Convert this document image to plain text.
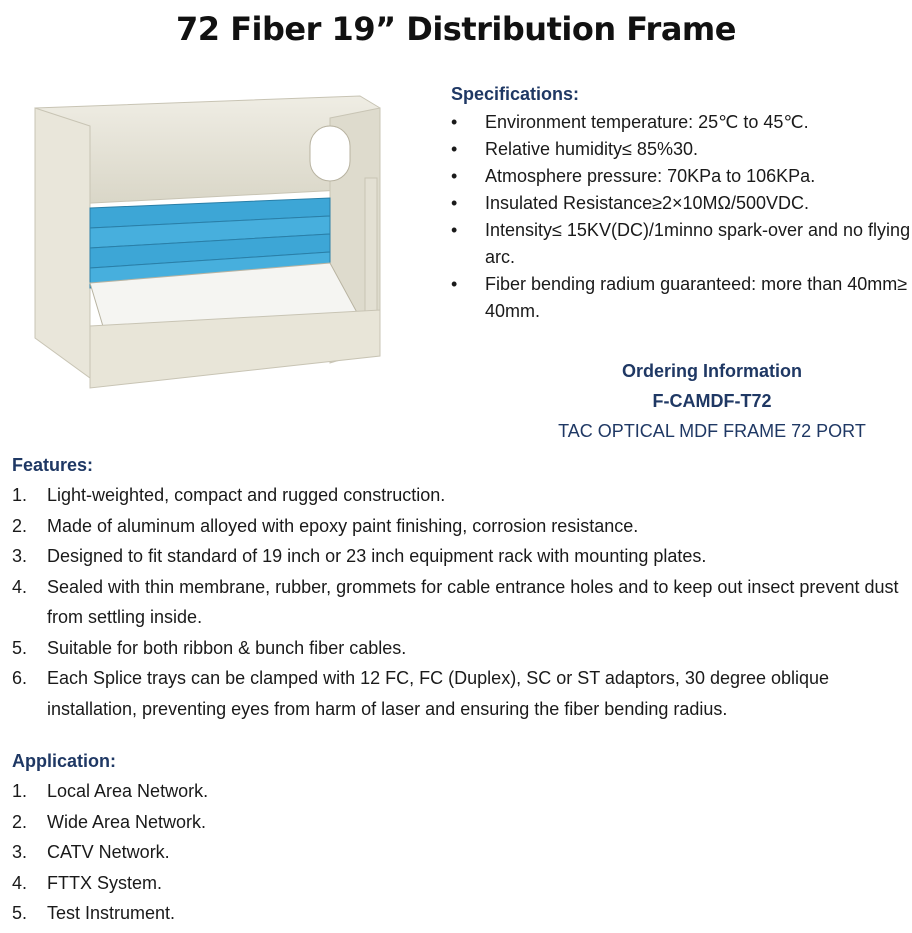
72 Fiber 19” Distribution Frame
Specifications:
• Environment temperature: 25℃ to 45℃.
• Relative humidity≤ 85%30.
• Atmosphere pressure: 70KPa to 106KPa.
• Insulated Resistance≥2×10MΩ/500VDC.
• Intensity≤ 15KV(DC)/1minno spark-over and no flying arc.
• Fiber bending radium guaranteed: more than 40mm≥ 40mm.
Ordering Information
F-CAMDF-T72
TAC OPTICAL MDF FRAME 72 PORT
Features:
1. Light-weighted, compact and rugged construction.
2. Made of aluminum alloyed with epoxy paint finishing, corrosion resistance.
3. Designed to fit standard of 19 inch or 23 inch equipment rack with mounting plates.
4. Sealed with thin membrane, rubber, grommets for cable entrance holes and to keep out insect prevent dust from settling inside.
5. Suitable for both ribbon & bunch fiber cables.
6. Each Splice trays can be clamped with 12 FC, FC (Duplex), SC or ST adaptors, 30 degree oblique installation, preventing eyes from harm of laser and ensuring the fiber bending radius.
Application:
1. Local Area Network.
2. Wide Area Network.
3. CATV Network.
4. FTTX System.
5. Test Instrument.
